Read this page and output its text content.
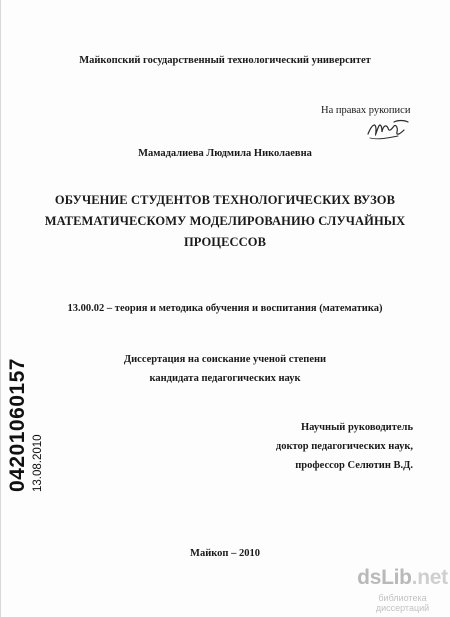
Майкопский государственный технологический университет
На правах рукописи
Мамадалиева Людмила Николаевна
ОБУЧЕНИЕ СТУДЕНТОВ ТЕХНОЛОГИЧЕСКИХ ВУЗОВ
МАТЕМАТИЧЕСКОМУ МОДЕЛИРОВАНИЮ СЛУЧАЙНЫХ
ПРОЦЕССОВ
13.00.02 – теория и методика обучения и воспитания (математика)
Диссертация на соискание ученой степени
кандидата педагогических наук
Научный руководитель
доктор педагогических наук,
профессор Селютин В.Д.
Майкоп – 2010
04201060157 13.08.2010
dsLib.net
библиотека диссертаций
